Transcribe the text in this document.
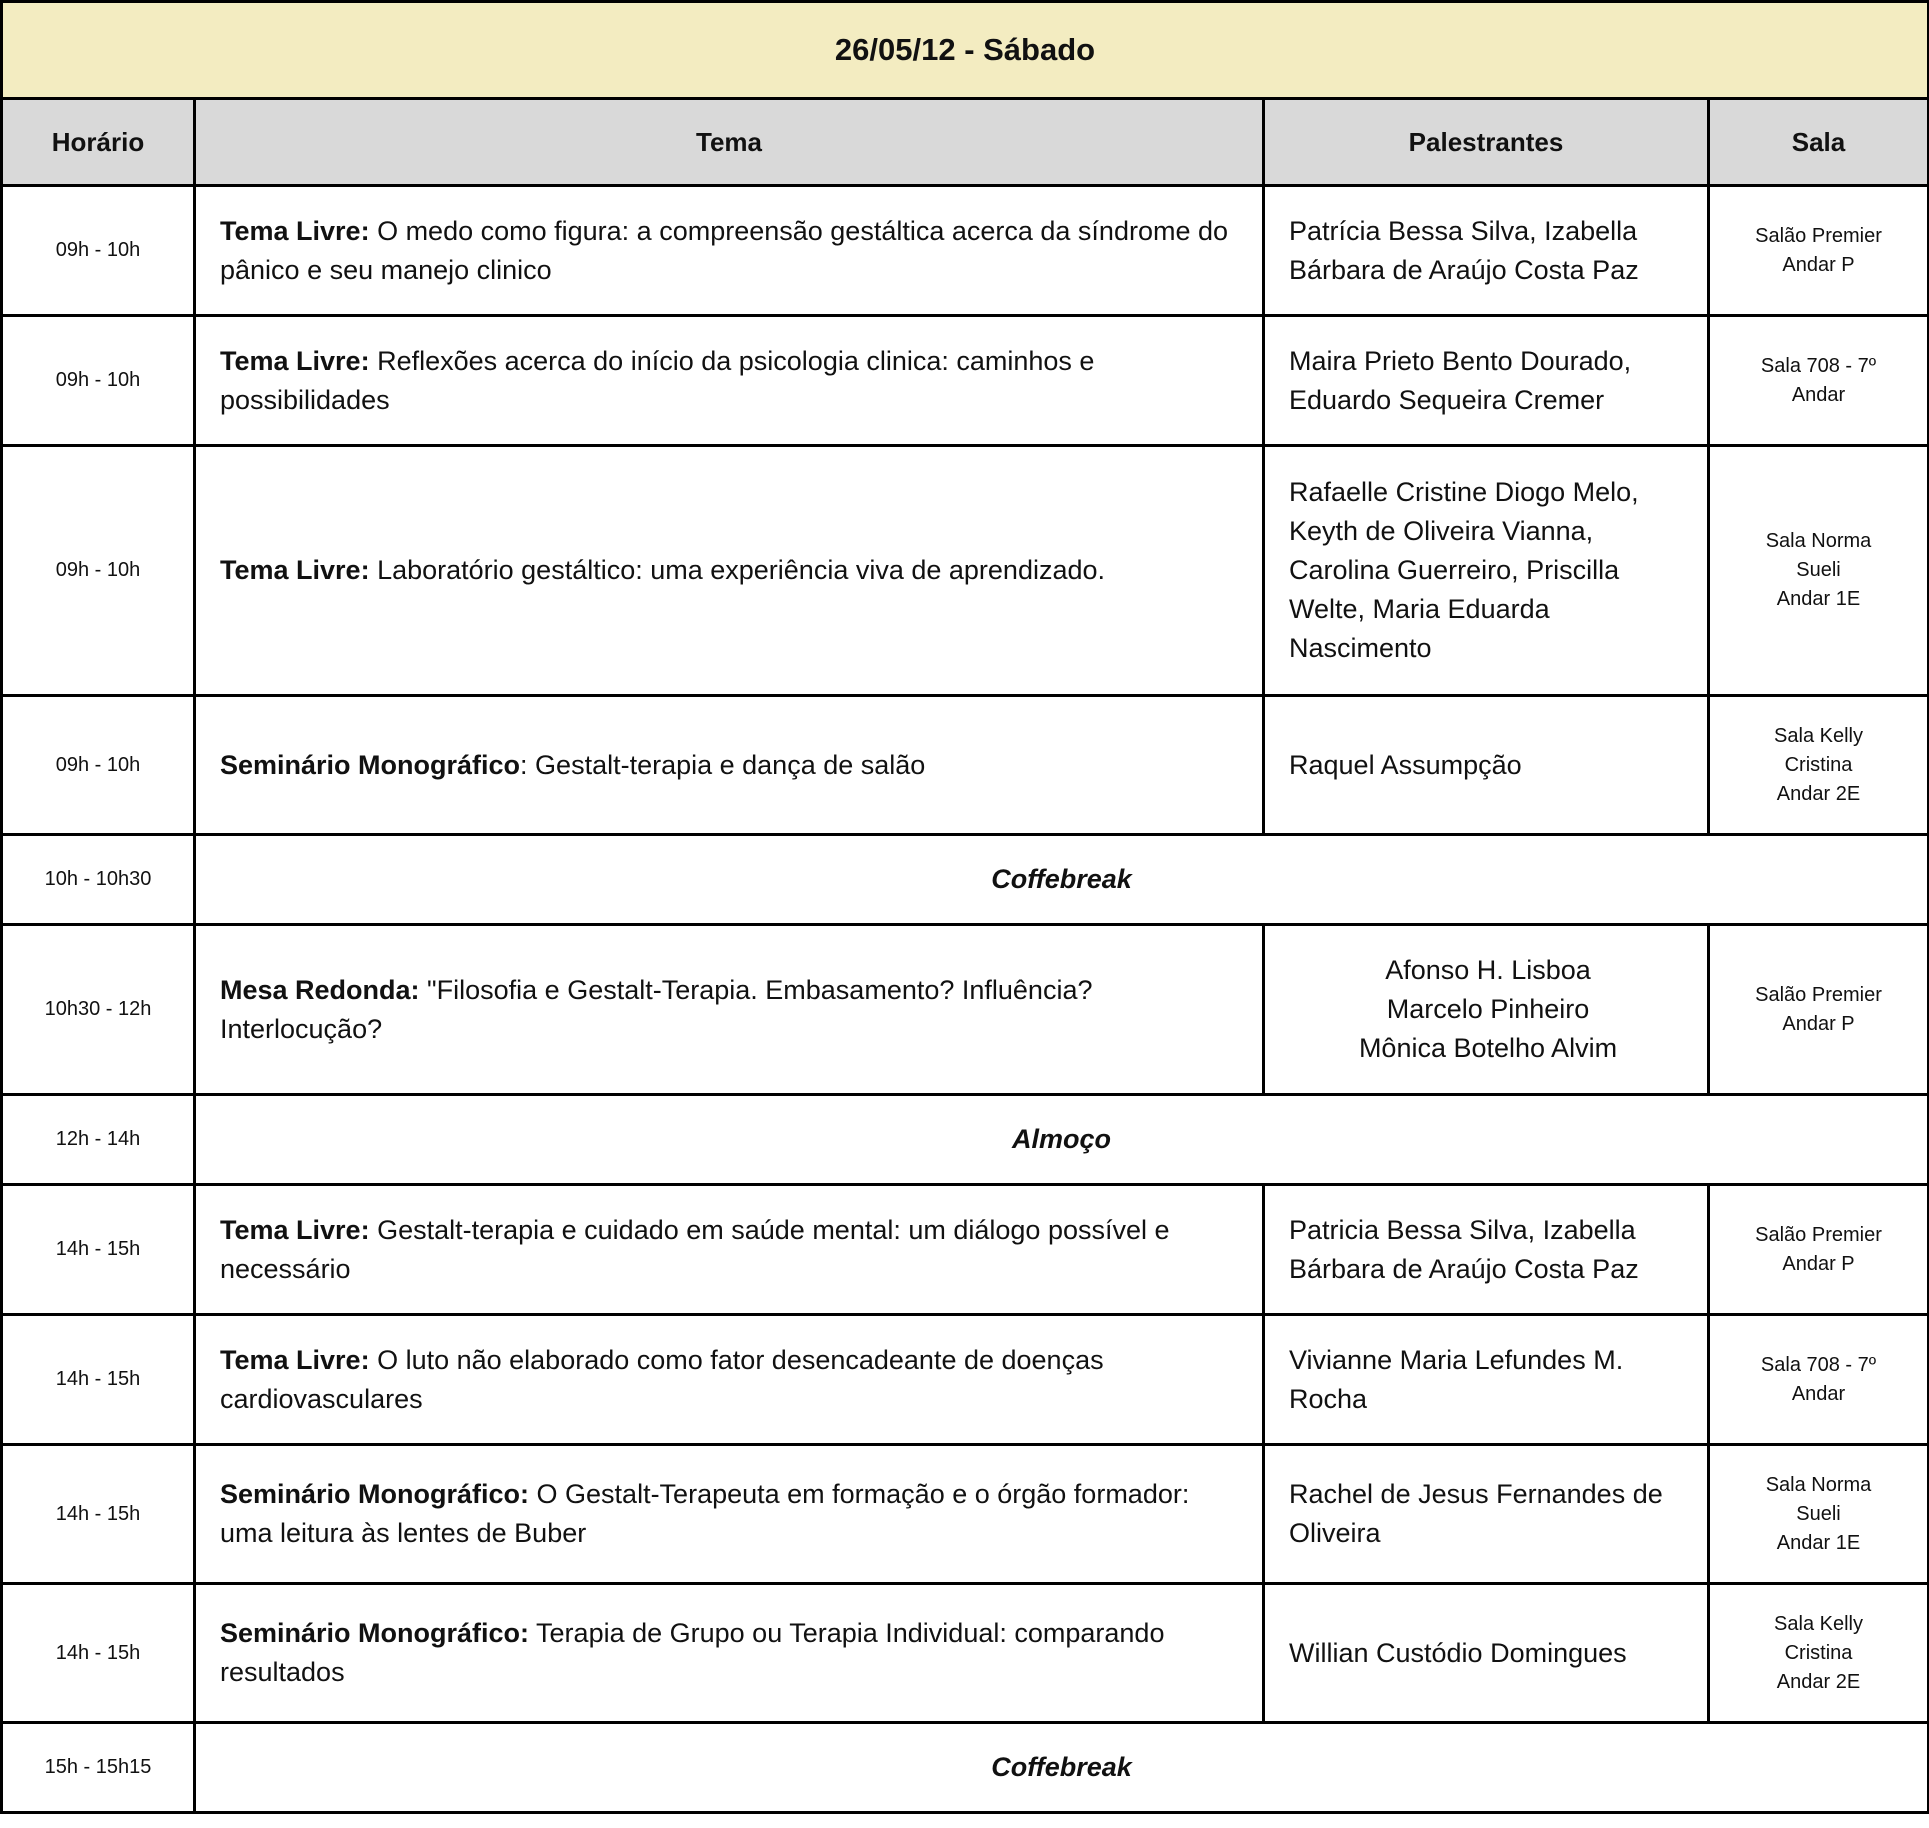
26/05/12 - Sábado			
Horário	Tema	Palestrantes	Sala
09h - 10h	Tema Livre: O medo como figura: a compreensão gestáltica acerca da síndrome do pânico e seu manejo clinico	Patrícia Bessa Silva, Izabella Bárbara de Araújo Costa Paz	Salão Premier
Andar P

09h - 10h	Tema Livre: Reflexões acerca do início da psicologia clinica: caminhos e possibilidades	Maira Prieto Bento Dourado, Eduardo Sequeira Cremer	Sala 708 - 7º
Andar

09h - 10h	Tema Livre: Laboratório gestáltico: uma experiência viva de aprendizado.	Rafaelle Cristine Diogo Melo, Keyth de Oliveira Vianna, Carolina Guerreiro, Priscilla Welte, Maria Eduarda Nascimento	Sala Norma
Sueli
Andar 1E

09h - 10h	Seminário Monográfico: Gestalt-terapia e dança de salão	Raquel Assumpção	Sala Kelly
Cristina
Andar 2E

10h - 10h30	Coffebreak		
10h30 - 12h	Mesa Redonda: "Filosofia e Gestalt-Terapia. Embasamento? Influência? Interlocução?	Afonso H. Lisboa
Marcelo Pinheiro
Mônica Botelho Alvim	Salão Premier
Andar P

12h - 14h	Almoço		
14h - 15h	Tema Livre: Gestalt-terapia e cuidado em saúde mental: um diálogo possível e necessário	Patricia Bessa Silva, Izabella Bárbara de Araújo Costa Paz	Salão Premier
Andar P

14h - 15h	Tema Livre: O luto não elaborado como fator desencadeante de doenças cardiovasculares	Vivianne Maria Lefundes M. Rocha	Sala 708 - 7º
Andar

14h - 15h	Seminário Monográfico: O Gestalt-Terapeuta em formação e o órgão formador: uma leitura às lentes de Buber	Rachel de Jesus Fernandes de Oliveira	Sala Norma
Sueli
Andar 1E

14h - 15h	Seminário Monográfico: Terapia de Grupo ou Terapia Individual: comparando resultados	Willian Custódio Domingues	Sala Kelly
Cristina
Andar 2E

15h - 15h15	Coffebreak		
